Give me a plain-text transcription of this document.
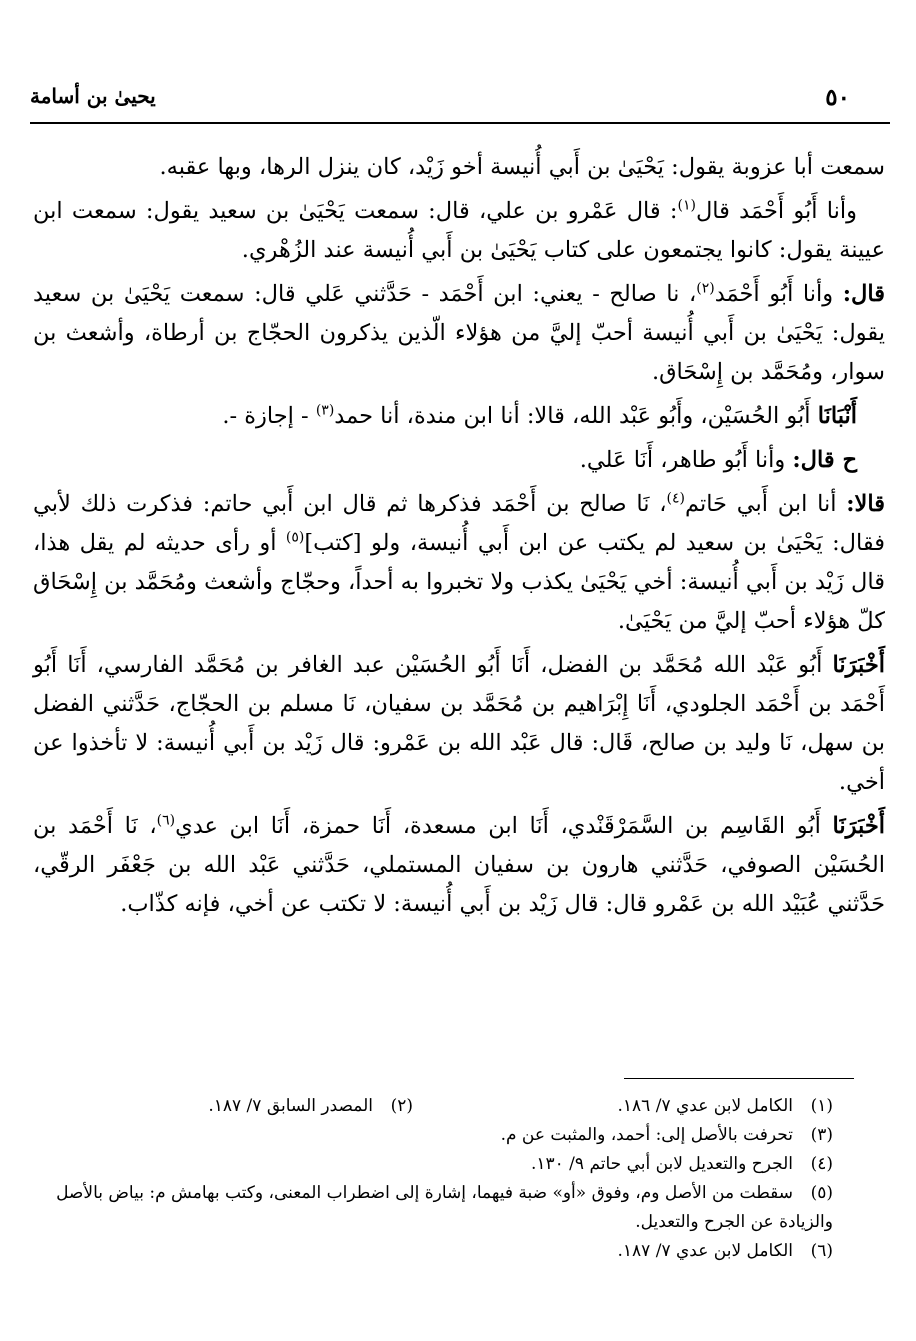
٥٠
يحيىٰ بن أسامة

سمعت أبا عزوبة يقول: يَحْيَىٰ بن أَبي أُنيسة أخو زَيْد، كان ينزل الرها، وبها عقبه.

وأنا أَبُو أَحْمَد قال$^{(١)}$: قال عَمْرو بن علي، قال: سمعت يَحْيَىٰ بن سعيد يقول: سمعت ابن عيينة يقول: كانوا يجتمعون على كتاب يَحْيَىٰ بن أَبي أُنيسة عند الزُهْري.

قال: وأنا أَبُو أَحْمَد$^{(٢)}$، نا صالح - يعني: ابن أَحْمَد - حَدَّثني عَلي قال: سمعت يَحْيَىٰ بن سعيد يقول: يَحْيَىٰ بن أَبي أُنيسة أحبّ إليَّ من هؤلاء الّذين يذكرون الحجّاج بن أرطاة، وأشعث بن سوار، ومُحَمَّد بن إِسْحَاق.

أَنْبَانَا أَبُو الحُسَيْن، وأَبُو عَبْد الله، قالا: أنا ابن مندة، أنا حمد$^{(٣)}$ - إجازة -.

ح قال: وأنا أَبُو طاهر، أَنَا عَلي.

قالا: أنا ابن أَبي حَاتم$^{(٤)}$، نَا صالح بن أَحْمَد فذكرها ثم قال ابن أَبي حاتم: فذكرت ذلك لأبي فقال: يَحْيَىٰ بن سعيد لم يكتب عن ابن أَبي أُنيسة، ولو [كتب]$^{(٥)}$ أو رأى حديثه لم يقل هذا، قال زَيْد بن أَبي أُنيسة: أخي يَحْيَىٰ يكذب ولا تخبروا به أحداً، وحجّاج وأشعث ومُحَمَّد بن إِسْحَاق كلّ هؤلاء أحبّ إليَّ من يَحْيَىٰ.

أَخْبَرَنَا أَبُو عَبْد الله مُحَمَّد بن الفضل، أَنَا أَبُو الحُسَيْن عبد الغافر بن مُحَمَّد الفارسي، أَنَا أَبُو أَحْمَد بن أَحْمَد الجلودي، أَنَا إِبْرَاهيم بن مُحَمَّد بن سفيان، نَا مسلم بن الحجّاج، حَدَّثني الفضل بن سهل، نَا وليد بن صالح، قَال: قال عَبْد الله بن عَمْرو: قال زَيْد بن أَبي أُنيسة: لا تأخذوا عن أخي.

أَخْبَرَنَا أَبُو القَاسِم بن السَّمَرْقَنْدي، أَنَا ابن مسعدة، أَنَا حمزة، أَنَا ابن عدي$^{(٦)}$، نَا أَحْمَد بن الحُسَيْن الصوفي، حَدَّثني هارون بن سفيان المستملي، حَدَّثني عَبْد الله بن جَعْفَر الرقّي، حَدَّثني عُبَيْد الله بن عَمْرو قال: قال زَيْد بن أَبي أُنيسة: لا تكتب عن أخي، فإنه كذّاب.

(١)الكامل لابن عدي ٧/ ١٨٦.
(٢)المصدر السابق ٧/ ١٨٧.
(٣)تحرفت بالأصل إلى: أحمد، والمثبت عن م.
(٤)الجرح والتعديل لابن أبي حاتم ٩/ ١٣٠.
(٥)سقطت من الأصل وم، وفوق «أو» ضبة فيهما، إشارة إلى اضطراب المعنى، وكتب بهامش م: بياض بالأصل والزيادة عن الجرح والتعديل.
(٦)الكامل لابن عدي ٧/ ١٨٧.
